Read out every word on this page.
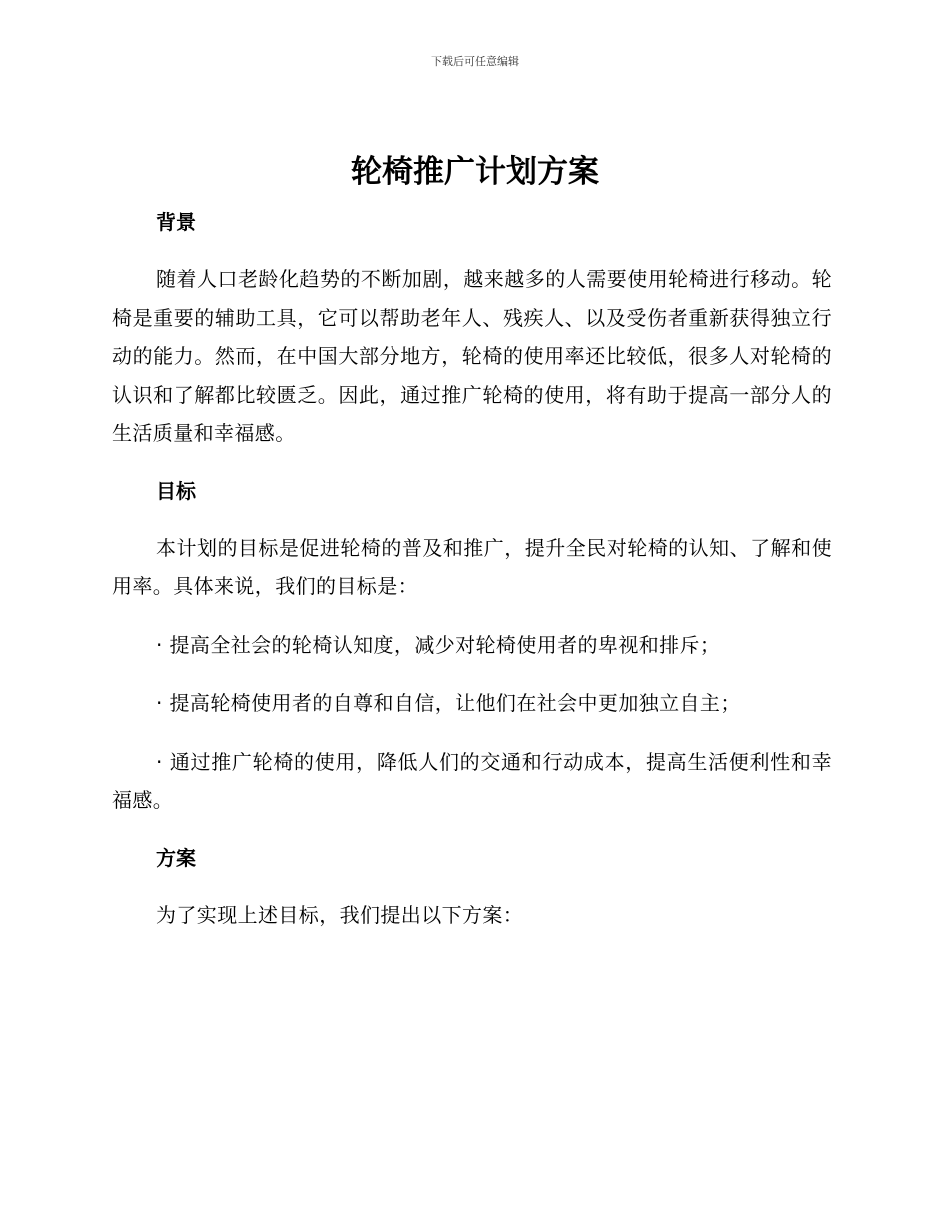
下载后可任意编辑
轮椅推广计划方案
背景

随着人口老龄化趋势的不断加剧，越来越多的人需要使用轮椅进行移动。轮椅是重要的辅助工具，它可以帮助老年人、残疾人、以及受伤者重新获得独立行动的能力。然而，在中国大部分地方，轮椅的使用率还比较低，很多人对轮椅的认识和了解都比较匮乏。因此，通过推广轮椅的使用，将有助于提高一部分人的生活质量和幸福感。

目标

本计划的目标是促进轮椅的普及和推广，提升全民对轮椅的认知、了解和使用率。具体来说，我们的目标是：

· 提高全社会的轮椅认知度，减少对轮椅使用者的卑视和排斥；

· 提高轮椅使用者的自尊和自信，让他们在社会中更加独立自主；

· 通过推广轮椅的使用，降低人们的交通和行动成本，提高生活便利性和幸福感。

方案

为了实现上述目标，我们提出以下方案：
